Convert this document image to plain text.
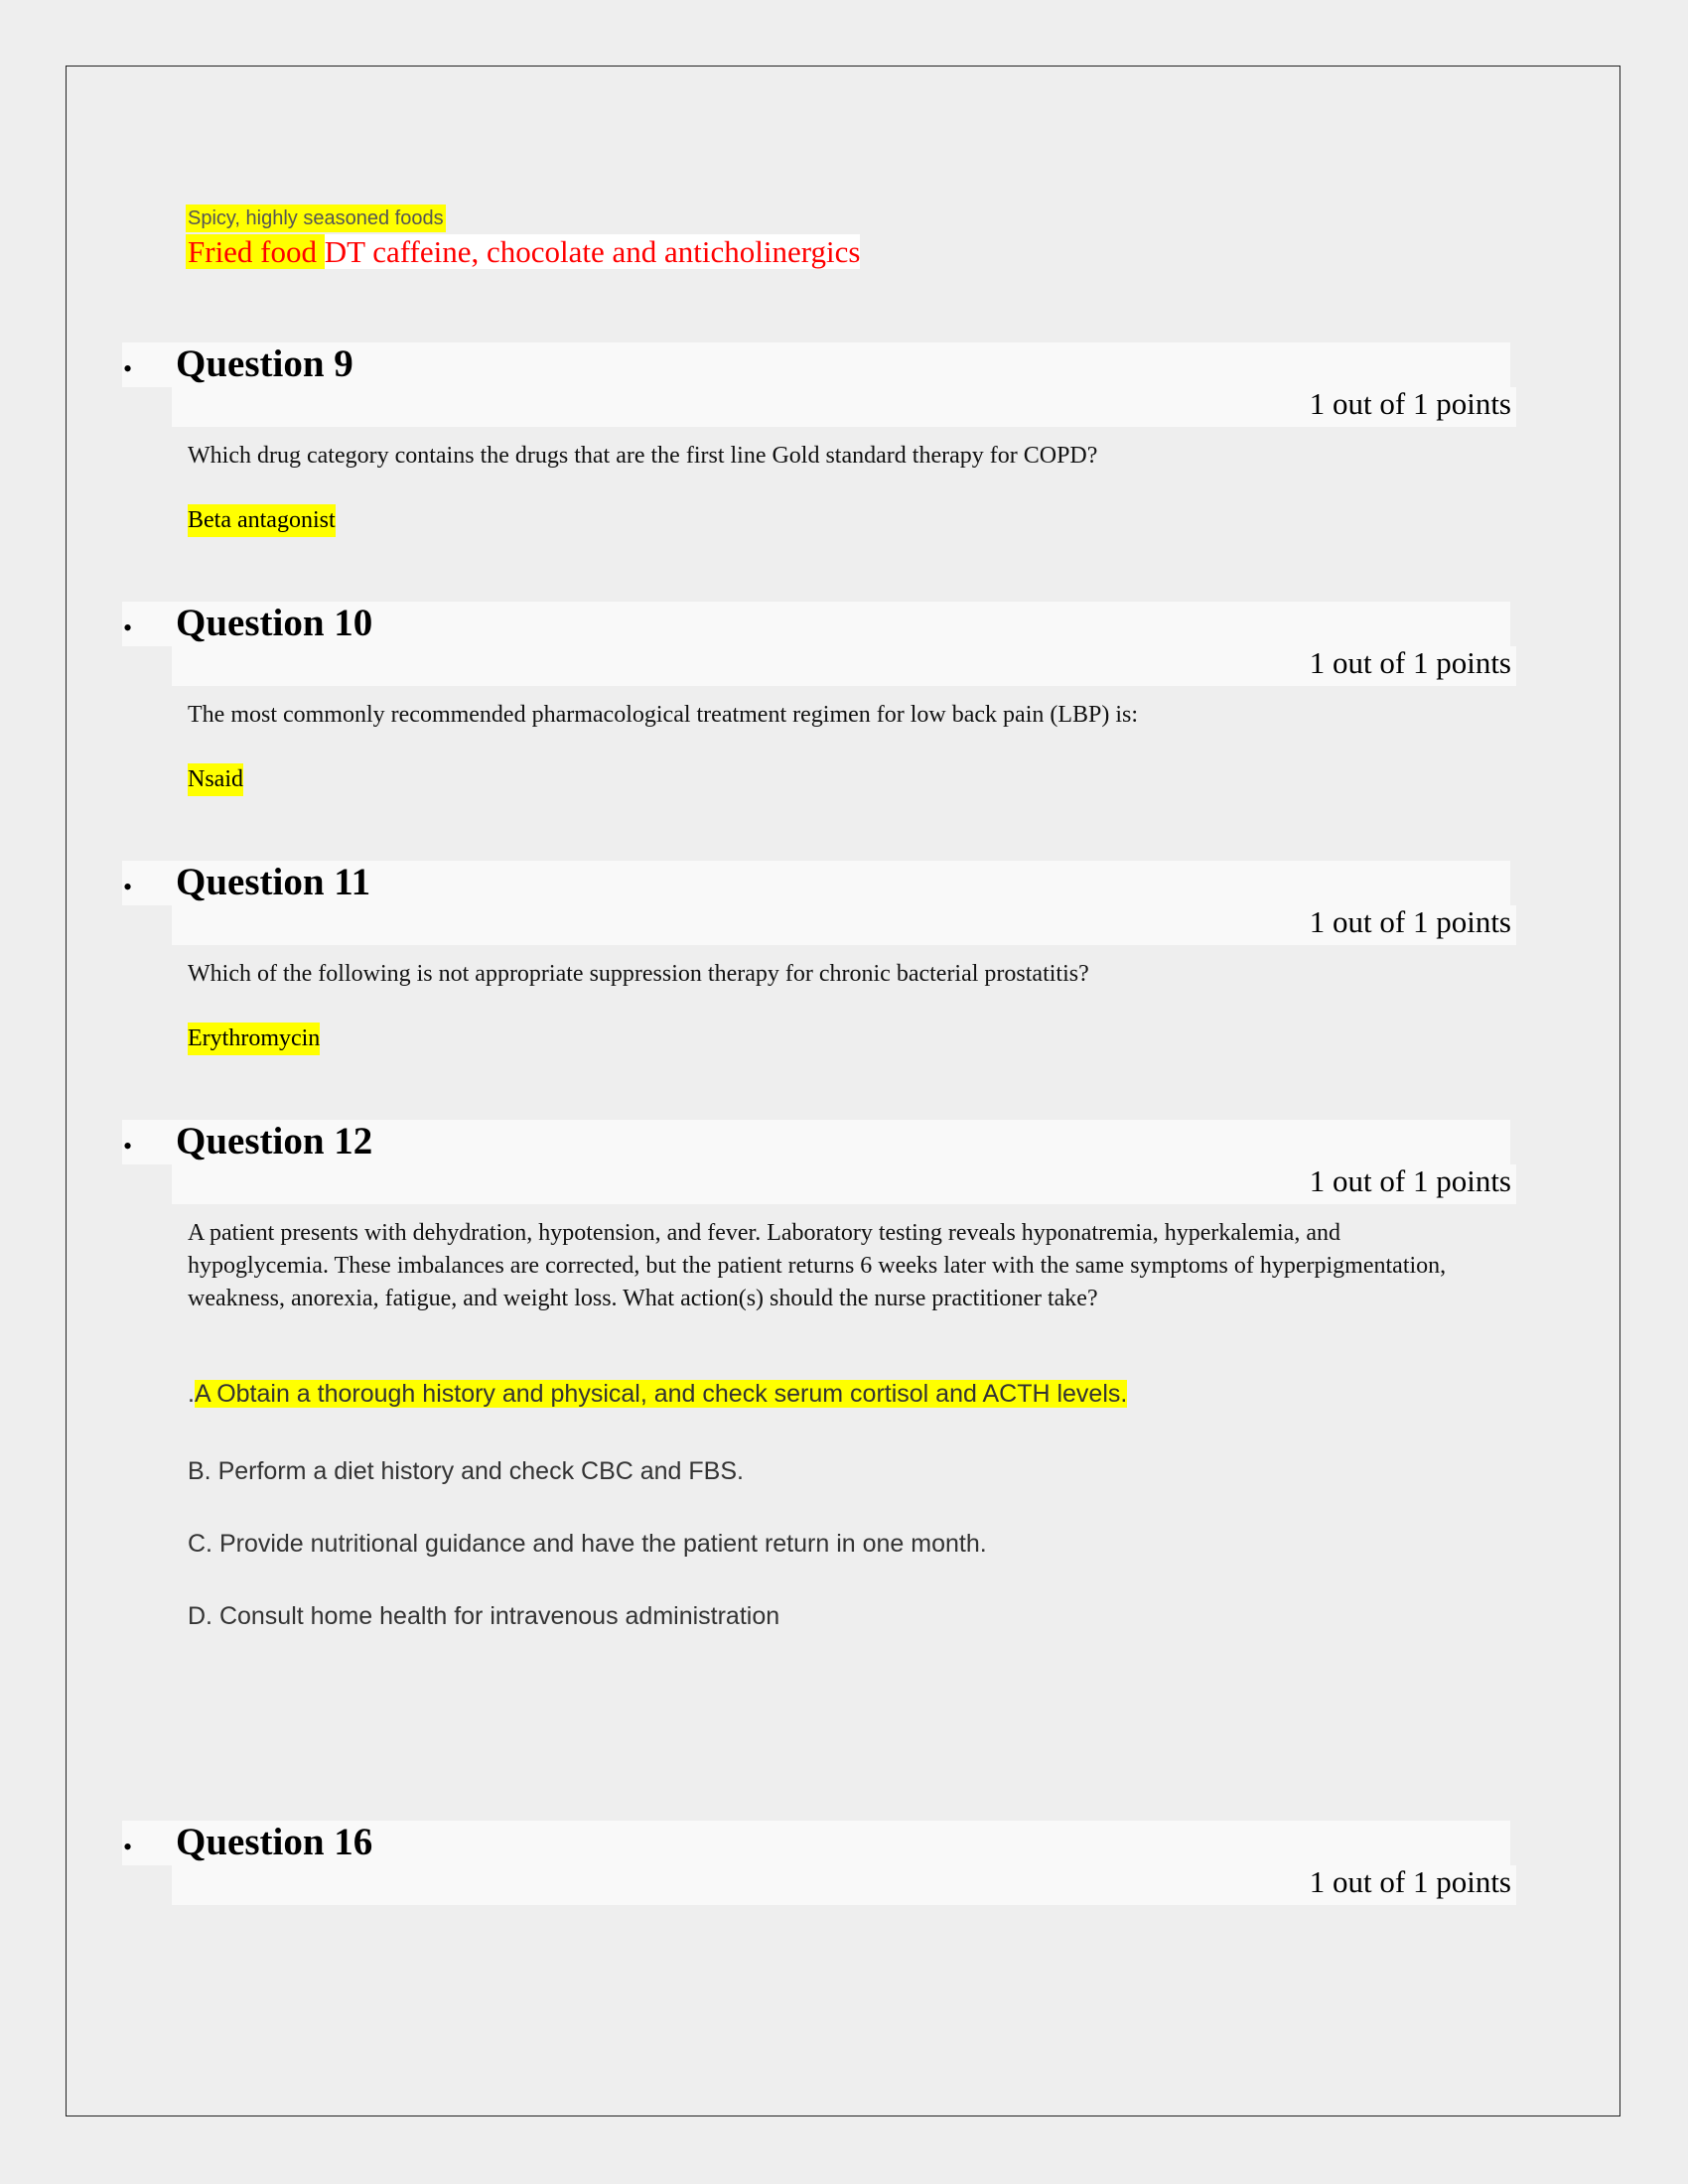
Spicy, highly seasoned foods
Fried food DT caffeine, chocolate and anticholinergics
• Question 9
1 out of 1 points
Which drug category contains the drugs that are the first line Gold standard therapy for COPD?
Beta antagonist
• Question 10
1 out of 1 points
The most commonly recommended pharmacological treatment regimen for low back pain (LBP) is:
Nsaid
• Question 11
1 out of 1 points
Which of the following is not appropriate suppression therapy for chronic bacterial prostatitis?
Erythromycin
• Question 12
1 out of 1 points
A patient presents with dehydration, hypotension, and fever. Laboratory testing reveals hyponatremia, hyperkalemia, and hypoglycemia. These imbalances are corrected, but the patient returns 6 weeks later with the same symptoms of hyperpigmentation, weakness, anorexia, fatigue, and weight loss. What action(s) should the nurse practitioner take?
.A Obtain a thorough history and physical, and check serum cortisol and ACTH levels.
B. Perform a diet history and check CBC and FBS.
C. Provide nutritional guidance and have the patient return in one month.
D. Consult home health for intravenous administration
• Question 16
1 out of 1 points
